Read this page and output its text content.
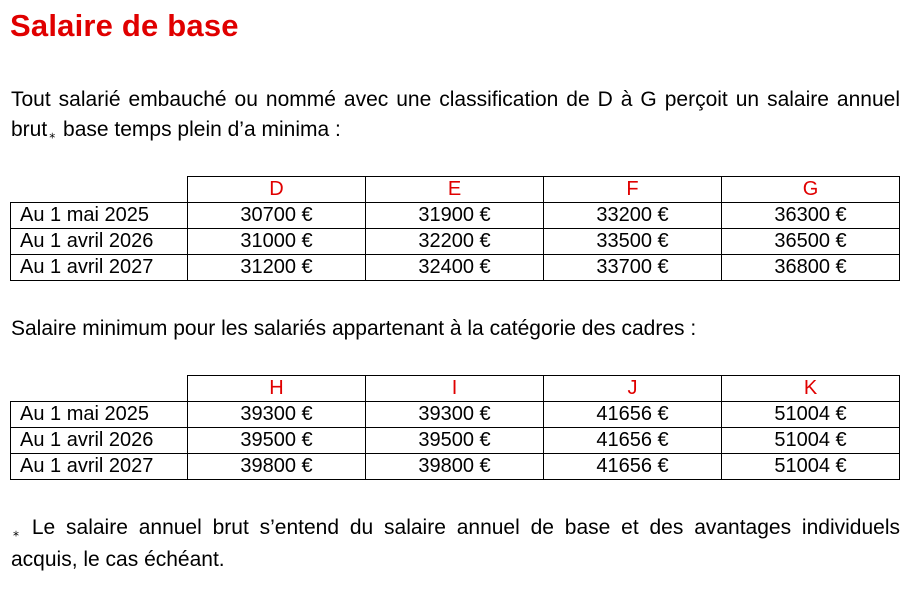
Salaire de base
Tout salarié embauché ou nommé avec une classification de D à G perçoit un salaire annuel brut ⁎ base temps plein d’a minima :
	D	E	F	G
Au 1 mai 2025	30700 €	31900 €	33200 €	36300 €
Au 1 avril 2026	31000 €	32200 €	33500 €	36500 €
Au 1 avril 2027	31200 €	32400 €	33700 €	36800 €
Salaire minimum pour les salariés appartenant à la catégorie des cadres :
	H	I	J	K
Au 1 mai 2025	39300 €	39300 €	41656 €	51004 €
Au 1 avril 2026	39500 €	39500 €	41656 €	51004 €
Au 1 avril 2027	39800 €	39800 €	41656 €	51004 €
⁎ Le salaire annuel brut s’entend du salaire annuel de base et des avantages individuels acquis, le cas échéant.
